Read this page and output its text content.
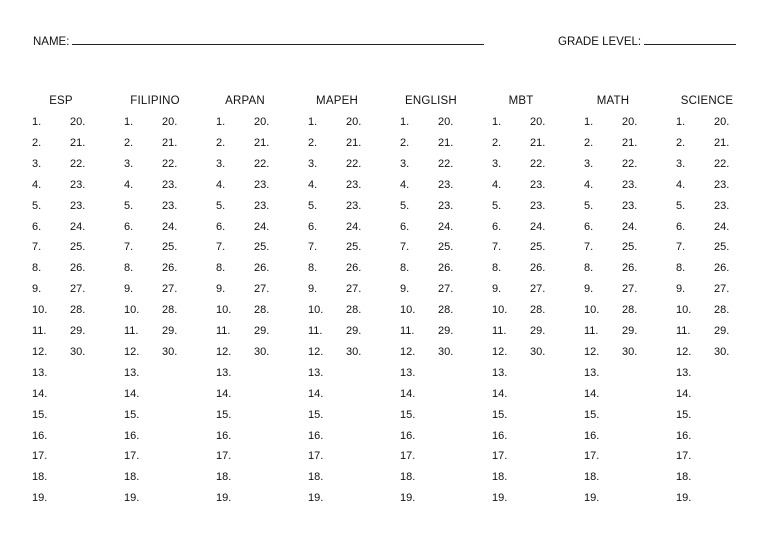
NAME:	GRADE LEVEL:
ESP
1.	20.
2.	21.
3.	22.
4.	23.
5.	23.
6.	24.
7.	25.
8.	26.
9.	27.
10. 28.
11. 29.
12. 30.
13.
14.
15.
16.
17.
18.
19.
FILIPINO
1.	20.
2.	21.
3.	22.
4.	23.
5.	23.
6.	24.
7.	25.
8.	26.
9.	27.
10. 28.
11. 29.
12. 30.
13.
14.
15.
16.
17.
18.
19.
ARPAN
1.	20.
2.	21.
3.	22.
4.	23.
5.	23.
6.	24.
7.	25.
8.	26.
9.	27.
10. 28.
11. 29.
12. 30.
13.
14.
15.
16.
17.
18.
19.
MAPEH
1.	20.
2.	21.
3.	22.
4.	23.
5.	23.
6.	24.
7.	25.
8.	26.
9.	27.
10. 28.
11. 29.
12. 30.
13.
14.
15.
16.
17.
18.
19.
ENGLISH
1.	20.
2.	21.
3.	22.
4.	23.
5.	23.
6.	24.
7.	25.
8.	26.
9.	27.
10. 28.
11. 29.
12. 30.
13.
14.
15.
16.
17.
18.
19.
MBT
1.	20.
2.	21.
3.	22.
4.	23.
5.	23.
6.	24.
7.	25.
8.	26.
9.	27.
10. 28.
11. 29.
12. 30.
13.
14.
15.
16.
17.
18.
19.
MATH
1.	20.
2.	21.
3.	22.
4.	23.
5.	23.
6.	24.
7.	25.
8.	26.
9.	27.
10. 28.
11. 29.
12. 30.
13.
14.
15.
16.
17.
18.
19.
SCIENCE
1.	20.
2.	21.
3.	22.
4.	23.
5.	23.
6.	24.
7.	25.
8.	26.
9.	27.
10. 28.
11. 29.
12. 30.
13.
14.
15.
16.
17.
18.
19.
